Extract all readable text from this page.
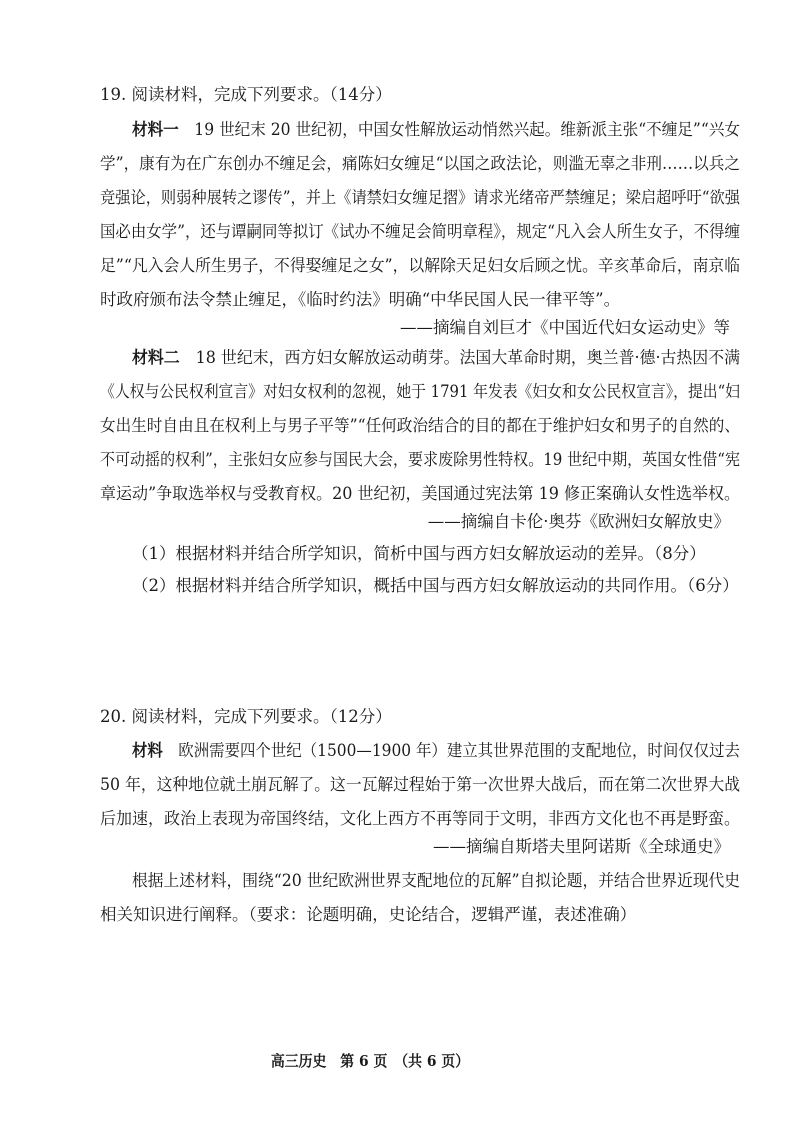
19. 阅读材料，完成下列要求。（14分）
材料一　 19 世纪末 20 世纪初，中国女性解放运动悄然兴起。维新派主张“不缠足”“兴女
学”，康有为在广东创办不缠足会，痛陈妇女缠足“以国之政法论，则滥无辜之非刑……以兵之
竞强论，则弱种展转之谬传”，并上《请禁妇女缠足摺》请求光绪帝严禁缠足；梁启超呼吁“欲强
国必由女学”，还与谭嗣同等拟订《试办不缠足会简明章程》，规定“凡入会人所生女子，不得缠
足”“凡入会人所生男子，不得娶缠足之女”，以解除天足妇女后顾之忧。辛亥革命后，南京临
时政府颁布法令禁止缠足，《临时约法》明确“中华民国人民一律平等”。
——摘编自刘巨才《中国近代妇女运动史》等
材料二　 18 世纪末，西方妇女解放运动萌芽。法国大革命时期，奥兰普·德·古热因不满
《人权与公民权利宣言》对妇女权利的忽视，她于 1791 年发表《妇女和女公民权宣言》，提出“妇
女出生时自由且在权利上与男子平等”“任何政治结合的目的都在于维护妇女和男子的自然的、
不可动摇的权利”，主张妇女应参与国民大会，要求废除男性特权。19 世纪中期，英国女性借“宪
章运动”争取选举权与受教育权。20 世纪初，美国通过宪法第 19 修正案确认女性选举权。
——摘编自卡伦·奥芬《欧洲妇女解放史》
（1）根据材料并结合所学知识，简析中国与西方妇女解放运动的差异。（8分）
（2）根据材料并结合所学知识，概括中国与西方妇女解放运动的共同作用。（6分）
20. 阅读材料，完成下列要求。（12分）
材料　 欧洲需要四个世纪（1500—1900 年）建立其世界范围的支配地位，时间仅仅过去
50 年，这种地位就土崩瓦解了。这一瓦解过程始于第一次世界大战后，而在第二次世界大战
后加速，政治上表现为帝国终结，文化上西方不再等同于文明，非西方文化也不再是野蛮。
——摘编自斯塔夫里阿诺斯《全球通史》
根据上述材料，围绕“20 世纪欧洲世界支配地位的瓦解”自拟论题，并结合世界近现代史
相关知识进行阐释。（要求：论题明确，史论结合，逻辑严谨，表述准确）
高三历史　第 6 页　（共 6 页）
